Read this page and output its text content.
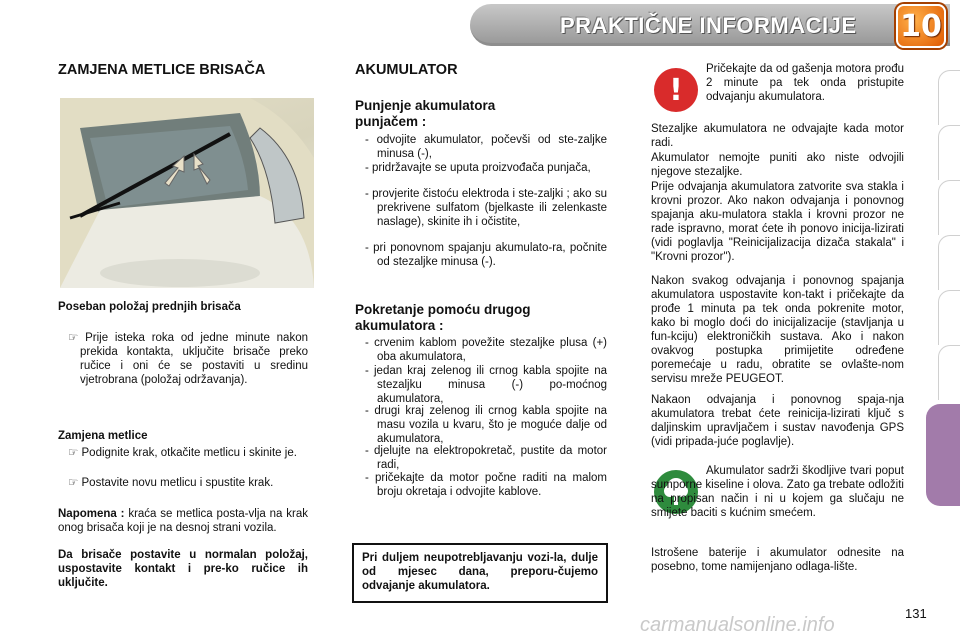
PRAKTIČNE INFORMACIJE 10
ZAMJENA METLICE BRISAČA
Poseban položaj prednjih brisača
☞ Prije isteka roka od jedne minute nakon prekida kontakta, uključite brisače preko ručice i oni će se postaviti u sredinu vjetrobrana (položaj održavanja).
Zamjena metlice
☞ Podignite krak, otkačite metlicu i skinite je.
☞ Postavite novu metlicu i spustite krak.
Napomena : kraća se metlica posta-vlja na krak onog brisača koji je na desnoj strani vozila.
Da brisače postavite u normalan položaj, uspostavite kontakt i pre-ko ručice ih uključite.
AKUMULATOR
Punjenje akumulatora punjačem :
- odvojite akumulator, počevši od ste-zaljke minusa (-),
- pridržavajte se uputa proizvođača punjača,
- provjerite čistoću elektroda i ste-zaljki ; ako su prekrivene sulfatom (bjelkaste ili zelenkaste naslage), skinite ih i očistite,
- pri ponovnom spajanju akumulato-ra, počnite od stezaljke minusa (-).
Pokretanje pomoću drugog akumulatora :
- crvenim kablom povežite stezaljke plusa (+) oba akumulatora,
- jedan kraj zelenog ili crnog kabla spojite na stezaljku minusa (-) po-moćnog akumulatora,
- drugi kraj zelenog ili crnog kabla spojite na masu vozila u kvaru, što je moguće dalje od akumulatora,
- djelujte na elektropokretač, pustite da motor radi,
- pričekajte da motor počne raditi na malom broju okretaja i odvojite kablove.
Pri duljem neupotrebljavanju vozi-la, dulje od mjesec dana, preporu-čujemo odvajanje akumulatora.
!
Pričekajte da od gašenja motora prođu 2 minute pa tek onda pristupite odvajanju akumulatora.
Stezaljke akumulatora ne odvajajte kada motor radi.
Akumulator nemojte puniti ako niste odvojili njegove stezaljke.
Prije odvajanja akumulatora zatvorite sva stakla i krovni prozor. Ako nakon odvajanja i ponovnog spajanja aku-mulatora stakla i krovni prozor ne rade ispravno, morat ćete ih ponovo inicija-lizirati (vidi poglavlja "Reinicijalizacija dizača stakala" i "Krovni prozor").
Nakon svakog odvajanja i ponovnog spajanja akumulatora uspostavite kon-takt i pričekajte da prođe 1 minuta pa tek onda pokrenite motor, kako bi moglo doći do inicijalizacije (stavljanja u fun-kciju) elektroničkih sustava. Ako i nakon ovakvog postupka primijetite određene poremećaje u radu, obratite se ovlašte-nom servisu mreže PEUGEOT.
Nakaon odvajanja i ponovnog spaja-nja akumulatora trebat ćete reinicija-lizirati ključ s daljinskim upravljačem i sustav navođenja GPS (vidi pripada-juće poglavlje).
Akumulator sadrži škodljive tvari poput sumporne kiseline i olova. Zato ga trebate odložiti na propisan način i ni u kojem ga slučaju ne smijete baciti s kućnim smećem.
Istrošene baterije i akumulator odnesite na posebno, tome namijenjano odlaga-lište.
131
carmanualsonline.info
